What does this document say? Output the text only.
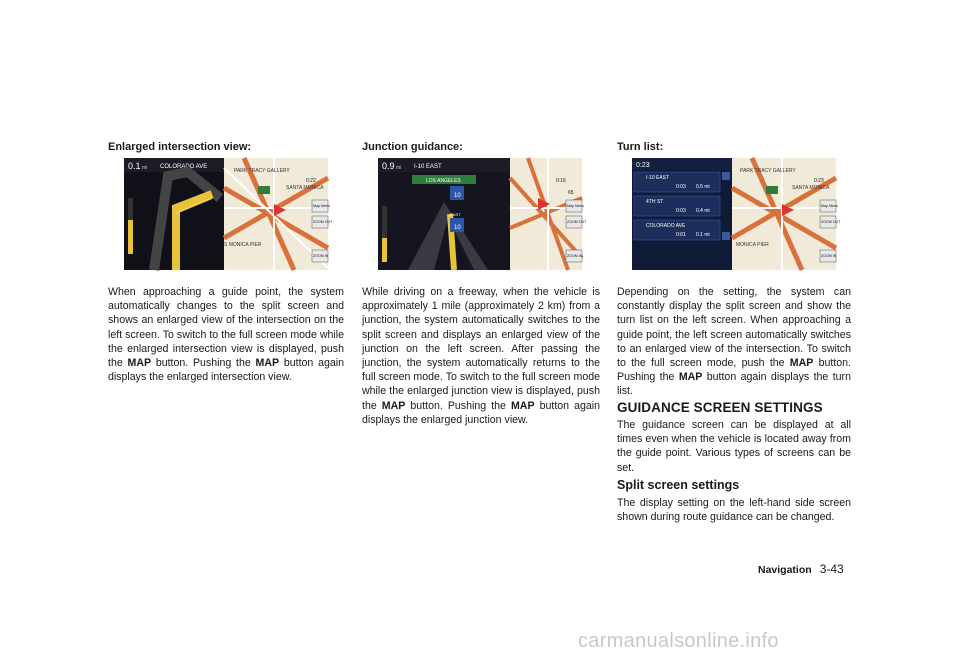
Enlarged intersection view:
0.1 mi COLORADO AVE
PARK TRACY GALLERY
SANTA MONICA
S MONICA PIER
0:22
Map Menu
ZOOM OUT
ZOOM IN
When approaching a guide point, the system automatically changes to the split screen and shows an enlarged view of the intersection on the left screen. To switch to the full screen mode while the enlarged intersection view is displayed, push the MAP button. Pushing the MAP button again displays the enlarged intersection view.
Junction guidance:
0.9 mi I-10 EAST
LOS ANGELES
10
10
EAST
0:16
65
Map Menu
ZOOM OUT
ZOOM IN
While driving on a freeway, when the vehicle is approximately 1 mile (approximately 2 km) from a junction, the system automatically switches to the split screen and displays an enlarged view of the junction on the left screen. After passing the junction, the system automatically returns to the full screen mode. To switch to the full screen mode while the enlarged junction view is displayed, push the MAP button. Pushing the MAP button again displays the enlarged junction view.
Turn list:
0:23
I-10 EAST
0:03 0.5 mi
4TH ST
0:03 0.4 mi
COLORADO AVE
0:01 0.1 mi
PARK TRACY GALLERY
SANTA MONICA
MONICA PIER
0:23
Map Menu
ZOOM OUT
ZOOM IN
Depending on the setting, the system can constantly display the split screen and show the turn list on the left screen. When approaching a guide point, the left screen automatically switches to an enlarged view of the intersection. To switch to the full screen mode, push the MAP button. Pushing the MAP button again displays the turn list.
GUIDANCE SCREEN SETTINGS
The guidance screen can be displayed at all times even when the vehicle is located away from the guide point. Various types of screens can be set.
Split screen settings
The display setting on the left-hand side screen shown during route guidance can be changed.
Navigation 3-43
carmanualsonline.info
